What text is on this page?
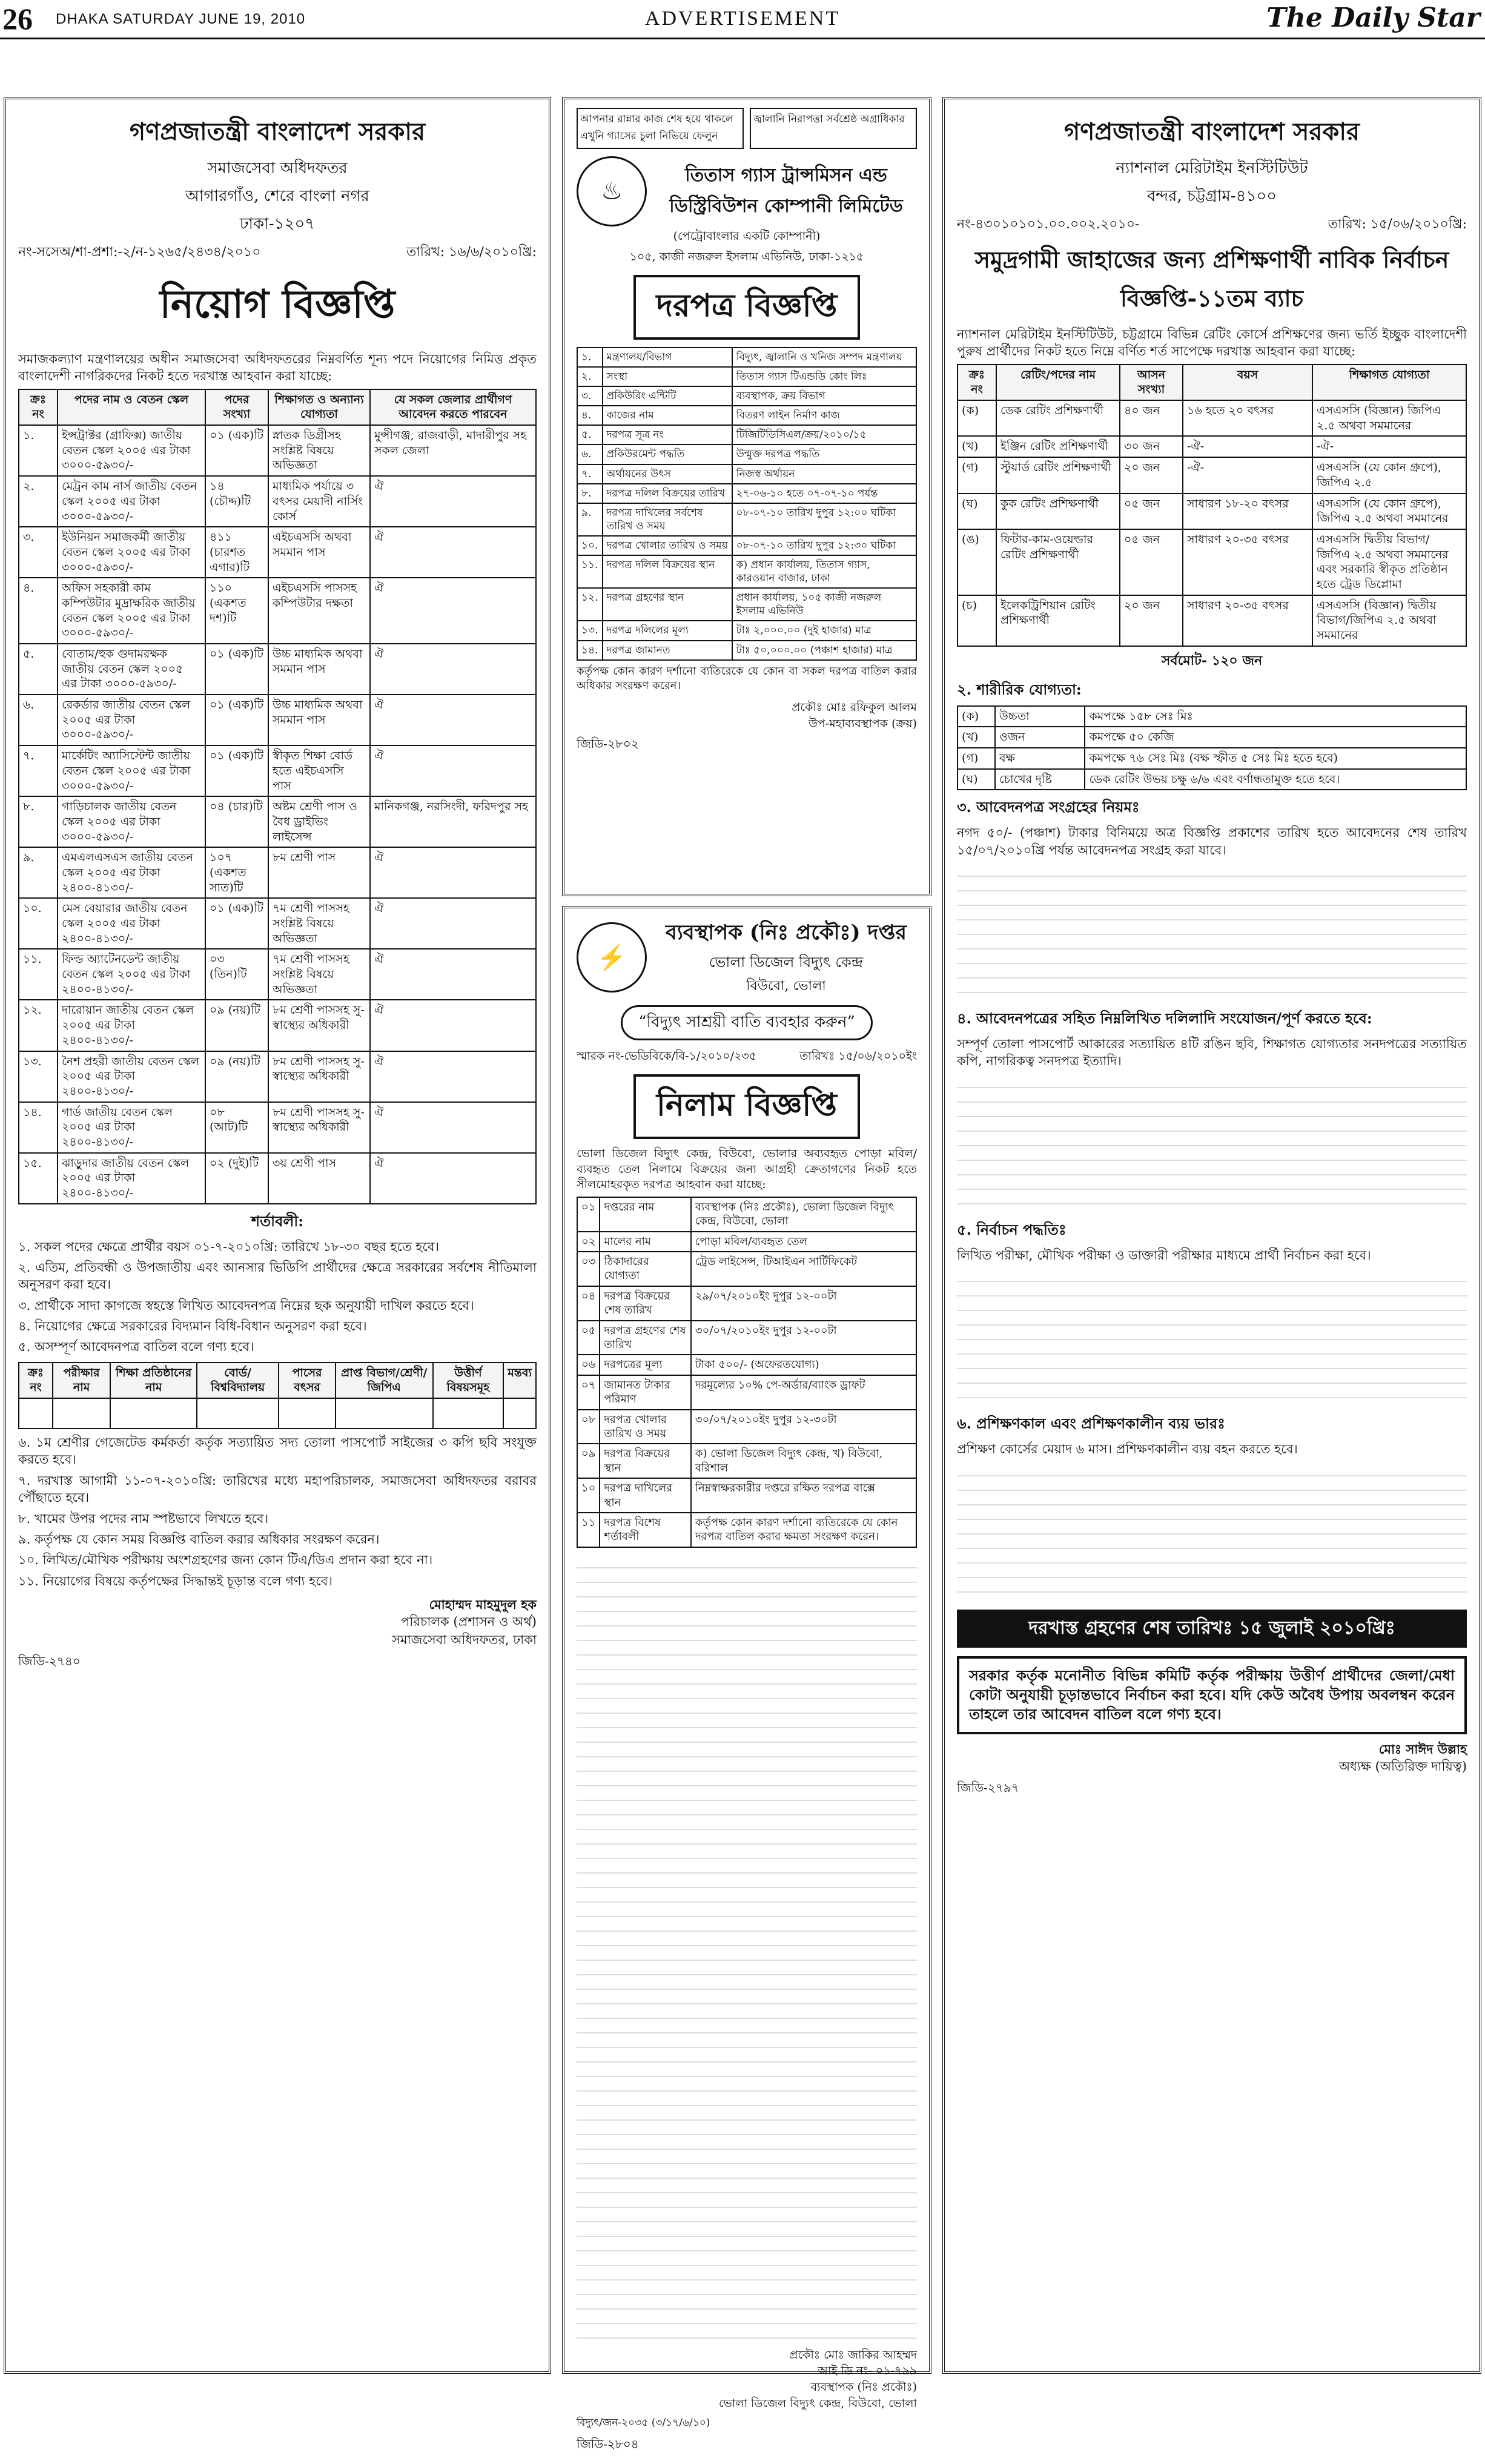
26 DHAKA SATURDAY JUNE 19, 2010	ADVERTISEMENT	The Daily Star
গণপ্রজাতন্ত্রী বাংলাদেশ সরকার
সমাজসেবা অধিদফতর
আগারগাঁও, শেরে বাংলা নগর
ঢাকা-১২০৭
নং-সসেঅ/শা-প্রশা:-২/ন-১২৬৫/২৪৩৪/২০১০	তারিখ: ১৬/৬/২০১০খ্রি:
নিয়োগ বিজ্ঞপ্তি
সমাজকল্যাণ মন্ত্রণালয়ের অধীন সমাজসেবা অধিদফতরের নিম্নবর্ণিত শূন্য পদে নিয়োগের নিমিত্ত প্রকৃত বাংলাদেশী নাগরিকদের নিকট হতে দরখাস্ত আহবান করা যাচ্ছে:
ক্রঃ নং	পদের নাম ও বেতন স্কেল	পদের সংখ্যা	শিক্ষাগত ও অন্যান্য যোগ্যতা	যে সকল জেলার প্রার্থীগণ আবেদন করতে পারবেন
১.	ইন্সট্রাক্টর (গ্রাফিক্স) জাতীয় বেতন স্কেল ২০০৫ এর টাকা ৩০০০-৫৯৩০/-	০১ (এক)টি	স্নাতক ডিগ্রীসহ সংশ্লিষ্ট বিষয়ে অভিজ্ঞতা	মুন্সীগঞ্জ, রাজবাড়ী, মাদারীপুর সহ সকল জেলা
২.	মেট্রন কাম নার্স জাতীয় বেতন স্কেল ২০০৫ এর টাকা ৩০০০-৫৯৩০/-	১৪ (চৌদ্দ)টি	মাধ্যমিক পর্যায়ে ৩ বৎসর মেয়াদী নার্সিং কোর্স	ঐ
৩.	ইউনিয়ন সমাজকর্মী জাতীয় বেতন স্কেল ২০০৫ এর টাকা ৩০০০-৫৯৩০/-	৪১১ (চারশত এগার)টি	এইচএসসি অথবা সমমান পাস	ঐ
৪.	অফিস সহকারী কাম কম্পিউটার মুদ্রাক্ষরিক জাতীয় বেতন স্কেল ২০০৫ এর টাকা ৩০০০-৫৯৩০/-	১১০ (একশত দশ)টি	এইচএসসি পাসসহ কম্পিউটার দক্ষতা	ঐ
৫.	বোতাম/হুক গুদামরক্ষক জাতীয় বেতন স্কেল ২০০৫ এর টাকা ৩০০০-৫৯৩০/-	০১ (এক)টি	উচ্চ মাধ্যমিক অথবা সমমান পাস	ঐ
৬.	রেকর্ডার জাতীয় বেতন স্কেল ২০০৫ এর টাকা ৩০০০-৫৯৩০/-	০১ (এক)টি	উচ্চ মাধ্যমিক অথবা সমমান পাস	ঐ
৭.	মার্কেটিং অ্যাসিস্টেন্ট জাতীয় বেতন স্কেল ২০০৫ এর টাকা ৩০০০-৫৯৩০/-	০১ (এক)টি	স্বীকৃত শিক্ষা বোর্ড হতে এইচএসসি পাস	ঐ
৮.	গাড়িচালক জাতীয় বেতন স্কেল ২০০৫ এর টাকা ৩০০০-৫৯৩০/-	০৪ (চার)টি	অষ্টম শ্রেণী পাস ও বৈধ ড্রাইভিং লাইসেন্স	মানিকগঞ্জ, নরসিংদী, ফরিদপুর সহ
৯.	এমএলএসএস জাতীয় বেতন স্কেল ২০০৫ এর টাকা ২৪০০-৪১৩০/-	১০৭ (একশত সাত)টি	৮ম শ্রেণী পাস	ঐ
১০.	মেস বেয়ারার জাতীয় বেতন স্কেল ২০০৫ এর টাকা ২৪০০-৪১৩০/-	০১ (এক)টি	৭ম শ্রেণী পাসসহ সংশ্লিষ্ট বিষয়ে অভিজ্ঞতা	ঐ
১১.	ফিল্ড অ্যাটেনডেন্ট জাতীয় বেতন স্কেল ২০০৫ এর টাকা ২৪০০-৪১৩০/-	০৩ (তিন)টি	৭ম শ্রেণী পাসসহ সংশ্লিষ্ট বিষয়ে অভিজ্ঞতা	ঐ
১২.	দারোয়ান জাতীয় বেতন স্কেল ২০০৫ এর টাকা ২৪০০-৪১৩০/-	০৯ (নয়)টি	৮ম শ্রেণী পাসসহ সু-স্বাস্থ্যের অধিকারী	ঐ
১৩.	নৈশ প্রহরী জাতীয় বেতন স্কেল ২০০৫ এর টাকা ২৪০০-৪১৩০/-	০৯ (নয়)টি	৮ম শ্রেণী পাসসহ সু-স্বাস্থ্যের অধিকারী	ঐ
১৪.	গার্ড জাতীয় বেতন স্কেল ২০০৫ এর টাকা ২৪০০-৪১৩০/-	০৮ (আট)টি	৮ম শ্রেণী পাসসহ সু-স্বাস্থ্যের অধিকারী	ঐ
১৫.	ঝাড়ুদার জাতীয় বেতন স্কেল ২০০৫ এর টাকা ২৪০০-৪১৩০/-	০২ (দুই)টি	৩য় শ্রেণী পাস	ঐ
শর্তাবলী:
১. সকল পদের ক্ষেত্রে প্রার্থীর বয়স ০১-৭-২০১০খ্রি: তারিখে ১৮-৩০ বছর হতে হবে।
২. এতিম, প্রতিবন্ধী ও উপজাতীয় এবং আনসার ভিডিপি প্রার্থীদের ক্ষেত্রে সরকারের সর্বশেষ নীতিমালা অনুসরণ করা হবে।
৩. প্রার্থীকে সাদা কাগজে স্বহস্তে লিখিত আবেদনপত্র নিম্নের ছক অনুযায়ী দাখিল করতে হবে।
৪. নিয়োগের ক্ষেত্রে সরকারের বিদ্যমান বিধি-বিধান অনুসরণ করা হবে।
৫. অসম্পূর্ণ আবেদনপত্র বাতিল বলে গণ্য হবে।
ক্রঃ নং	পরীক্ষার নাম	শিক্ষা প্রতিষ্ঠানের নাম	বোর্ড/ বিশ্ববিদ্যালয়	পাসের বৎসর	প্রাপ্ত বিভাগ/শ্রেণী/ জিপিএ	উত্তীর্ণ বিষয়সমূহ	মন্তব্য

৬. ১ম শ্রেণীর গেজেটেড কর্মকর্তা কর্তৃক সত্যায়িত সদ্য তোলা পাসপোর্ট সাইজের ৩ কপি ছবি সংযুক্ত করতে হবে।
৭. দরখাস্ত আগামী ১১-০৭-২০১০খ্রি: তারিখের মধ্যে মহাপরিচালক, সমাজসেবা অধিদফতর বরাবর পৌঁছাতে হবে।
৮. খামের উপর পদের নাম স্পষ্টভাবে লিখতে হবে।
৯. কর্তৃপক্ষ যে কোন সময় বিজ্ঞপ্তি বাতিল করার অধিকার সংরক্ষণ করেন।
১০. লিখিত/মৌখিক পরীক্ষায় অংশগ্রহণের জন্য কোন টিএ/ডিএ প্রদান করা হবে না।
১১. নিয়োগের বিষয়ে কর্তৃপক্ষের সিদ্ধান্তই চূড়ান্ত বলে গণ্য হবে।
মোহাম্মদ মাহমুদুল হক
পরিচালক (প্রশাসন ও অর্থ)
সমাজসেবা অধিদফতর, ঢাকা
জিডি-২৭৪০
আপনার রান্নার কাজ শেষ হয়ে থাকলে এখুনি গ্যাসের চুলা নিভিয়ে ফেলুন
জ্বালানি নিরাপত্তা সর্বশ্রেষ্ঠ অগ্রাধিকার
♨
তিতাস গ্যাস ট্রান্সমিসন এন্ড ডিস্ট্রিবিউশন কোম্পানী লিমিটেড
(পেট্রোবাংলার একটি কোম্পানী)
১০৫, কাজী নজরুল ইসলাম এভিনিউ, ঢাকা-১২১৫
দরপত্র বিজ্ঞপ্তি
১.	মন্ত্রণালয়/বিভাগ	বিদ্যুৎ, জ্বালানি ও খনিজ সম্পদ মন্ত্রণালয়
২.	সংস্থা	তিতাস গ্যাস টিএন্ডডি কোং লিঃ
৩.	প্রকিউরিং এন্টিটি	ব্যবস্থাপক, ক্রয় বিভাগ
৪.	কাজের নাম	বিতরণ লাইন নির্মাণ কাজ
৫.	দরপত্র সূত্র নং	টিজিটিডিসিএল/ক্রয়/২০১০/১৫
৬.	প্রকিউরমেন্ট পদ্ধতি	উন্মুক্ত দরপত্র পদ্ধতি
৭.	অর্থায়নের উৎস	নিজস্ব অর্থায়ন
৮.	দরপত্র দলিল বিক্রয়ের তারিখ	২৭-০৬-১০ হতে ০৭-০৭-১০ পর্যন্ত
৯.	দরপত্র দাখিলের সর্বশেষ তারিখ ও সময়	০৮-০৭-১০ তারিখ দুপুর ১২:০০ ঘটিকা
১০.	দরপত্র খোলার তারিখ ও সময়	০৮-০৭-১০ তারিখ দুপুর ১২:৩০ ঘটিকা
১১.	দরপত্র দলিল বিক্রয়ের স্থান	ক) প্রধান কার্যালয়, তিতাস গ্যাস, কারওয়ান বাজার, ঢাকা
১২.	দরপত্র গ্রহণের স্থান	প্রধান কার্যালয়, ১০৫ কাজী নজরুল ইসলাম এভিনিউ
১৩.	দরপত্র দলিলের মূল্য	টাঃ ২,০০০.০০ (দুই হাজার) মাত্র
১৪.	দরপত্র জামানত	টাঃ ৫০,০০০.০০ (পঞ্চাশ হাজার) মাত্র
কর্তৃপক্ষ কোন কারণ দর্শানো ব্যতিরেকে যে কোন বা সকল দরপত্র বাতিল করার অধিকার সংরক্ষণ করেন।
প্রকৌঃ মোঃ রফিকুল আলম
উপ-মহাব্যবস্থাপক (ক্রয়)
জিডি-২৮০২
⚡
ব্যবস্থাপক (নিঃ প্রকৌঃ) দপ্তর
ভোলা ডিজেল বিদ্যুৎ কেন্দ্র
বিউবো, ভোলা
“বিদ্যুৎ সাশ্রয়ী বাতি ব্যবহার করুন”
স্মারক নং-ভেডিবিকে/বি-১/২০১০/২৩৫	তারিখঃ ১৫/০৬/২০১০ইং
নিলাম বিজ্ঞপ্তি
ভোলা ডিজেল বিদ্যুৎ কেন্দ্র, বিউবো, ভোলার অব্যবহৃত পোড়া মবিল/ব্যবহৃত তেল নিলামে বিক্রয়ের জন্য আগ্রহী ক্রেতাগণের নিকট হতে সীলমোহরকৃত দরপত্র আহবান করা যাচ্ছে:
০১	দপ্তরের নাম	ব্যবস্থাপক (নিঃ প্রকৌঃ), ভোলা ডিজেল বিদ্যুৎ কেন্দ্র, বিউবো, ভোলা
০২	মালের নাম	পোড়া মবিল/ব্যবহৃত তেল
০৩	ঠিকাদারের যোগ্যতা	ট্রেড লাইসেন্স, টিআইএন সার্টিফিকেট
০৪	দরপত্র বিক্রয়ের শেষ তারিখ	২৯/০৭/২০১০ইং দুপুর ১২-০০টা
০৫	দরপত্র গ্রহণের শেষ তারিখ	৩০/০৭/২০১০ইং দুপুর ১২-০০টা
০৬	দরপত্রের মূল্য	টাকা ৫০০/- (অফেরতযোগ্য)
০৭	জামানত টাকার পরিমাণ	দরমূল্যের ১০% পে-অর্ডার/ব্যাংক ড্রাফট
০৮	দরপত্র খোলার তারিখ ও সময়	৩০/০৭/২০১০ইং দুপুর ১২-৩০টা
০৯	দরপত্র বিক্রয়ের স্থান	ক) ভোলা ডিজেল বিদ্যুৎ কেন্দ্র, খ) বিউবো, বরিশাল
১০	দরপত্র দাখিলের স্থান	নিম্নস্বাক্ষরকারীর দপ্তরে রক্ষিত দরপত্র বাক্সে
১১	দরপত্র বিশেষ শর্তাবলী	কর্তৃপক্ষ কোন কারণ দর্শানো ব্যতিরেকে যে কোন দরপত্র বাতিল করার ক্ষমতা সংরক্ষণ করেন।
প্রকৌঃ মোঃ জাকির আহম্মদ
আই ডি নং- ০১-৭৯৯
ব্যবস্থাপক (নিঃ প্রকৌঃ)
ভোলা ডিজেল বিদ্যুৎ কেন্দ্র, বিউবো, ভোলা
বিদ্যুৎ/জন-২০৩৫ (৩/১৭/৬/১০)
জিডি-২৮০৪
গণপ্রজাতন্ত্রী বাংলাদেশ সরকার
ন্যাশনাল মেরিটাইম ইনস্টিটিউট
বন্দর, চট্টগ্রাম-৪১০০
নং-৪৩০১০১০১.০০.০০২.২০১০-	তারিখ: ১৫/০৬/২০১০খ্রি:
সমুদ্রগামী জাহাজের জন্য প্রশিক্ষণার্থী নাবিক নির্বাচন বিজ্ঞপ্তি-১১তম ব্যাচ
ন্যাশনাল মেরিটাইম ইনস্টিটিউট, চট্টগ্রামে বিভিন্ন রেটিং কোর্সে প্রশিক্ষণের জন্য ভর্তি ইচ্ছুক বাংলাদেশী পুরুষ প্রার্থীদের নিকট হতে নিম্নে বর্ণিত শর্ত সাপেক্ষে দরখাস্ত আহবান করা যাচ্ছে:
ক্রঃ নং	রেটিং/পদের নাম	আসন সংখ্যা	বয়স	শিক্ষাগত যোগ্যতা
(ক)	ডেক রেটিং প্রশিক্ষণার্থী	৪০ জন	১৬ হতে ২০ বৎসর	এসএসসি (বিজ্ঞান) জিপিএ ২.৫ অথবা সমমানের
(খ)	ইঞ্জিন রেটিং প্রশিক্ষণার্থী	৩০ জন	-ঐ-	-ঐ-
(গ)	স্টুয়ার্ড রেটিং প্রশিক্ষণার্থী	২০ জন	-ঐ-	এসএসসি (যে কোন গ্রুপে), জিপিএ ২.৫
(ঘ)	কুক রেটিং প্রশিক্ষণার্থী	০৫ জন	সাধারণ ১৮-২০ বৎসর	এসএসসি (যে কোন গ্রুপে), জিপিএ ২.৫ অথবা সমমানের
(ঙ)	ফিটার-কাম-ওয়েল্ডার রেটিং প্রশিক্ষণার্থী	০৫ জন	সাধারণ ২০-৩৫ বৎসর	এসএসসি দ্বিতীয় বিভাগ/জিপিএ ২.৫ অথবা সমমানের এবং সরকারি স্বীকৃত প্রতিষ্ঠান হতে ট্রেড ডিপ্লোমা
(চ)	ইলেকট্রিশিয়ান রেটিং প্রশিক্ষণার্থী	২০ জন	সাধারণ ২০-৩৫ বৎসর	এসএসসি (বিজ্ঞান) দ্বিতীয় বিভাগ/জিপিএ ২.৫ অথবা সমমানের
সর্বমোট- ১২০ জন
২. শারীরিক যোগ্যতা:
(ক)	উচ্চতা	কমপক্ষে ১৫৮ সেঃ মিঃ
(খ)	ওজন	কমপক্ষে ৫০ কেজি
(গ)	বক্ষ	কমপক্ষে ৭৬ সেঃ মিঃ (বক্ষ স্ফীত ৫ সেঃ মিঃ হতে হবে)
(ঘ)	চোখের দৃষ্টি	ডেক রেটিং উভয় চক্ষু ৬/৬ এবং বর্ণান্ধতামুক্ত হতে হবে।
৩. আবেদনপত্র সংগ্রহের নিয়মঃ
নগদ ৫০/- (পঞ্চাশ) টাকার বিনিময়ে অত্র বিজ্ঞপ্তি প্রকাশের তারিখ হতে আবেদনের শেষ তারিখ ১৫/০৭/২০১০খ্রি পর্যন্ত আবেদনপত্র সংগ্রহ করা যাবে।
৪. আবেদনপত্রের সহিত নিম্নলিখিত দলিলাদি সংযোজন/পূর্ণ করতে হবে:
সম্পূর্ণ তোলা পাসপোর্ট আকারের সত্যায়িত ৪টি রঙিন ছবি, শিক্ষাগত যোগ্যতার সনদপত্রের সত্যায়িত কপি, নাগরিকত্ব সনদপত্র ইত্যাদি।
৫. নির্বাচন পদ্ধতিঃ
লিখিত পরীক্ষা, মৌখিক পরীক্ষা ও ডাক্তারী পরীক্ষার মাধ্যমে প্রার্থী নির্বাচন করা হবে।
৬. প্রশিক্ষণকাল এবং প্রশিক্ষণকালীন ব্যয় ভারঃ
প্রশিক্ষণ কোর্সের মেয়াদ ৬ মাস। প্রশিক্ষণকালীন ব্যয় বহন করতে হবে।
দরখাস্ত গ্রহণের শেষ তারিখঃ ১৫ জুলাই ২০১০খ্রিঃ
সরকার কর্তৃক মনোনীত বিভিন্ন কমিটি কর্তৃক পরীক্ষায় উত্তীর্ণ প্রার্থীদের জেলা/মেধা কোটা অনুযায়ী চূড়ান্তভাবে নির্বাচন করা হবে। যদি কেউ অবৈধ উপায় অবলম্বন করেন তাহলে তার আবেদন বাতিল বলে গণ্য হবে।
মোঃ সাঈদ উল্লাহ
অধ্যক্ষ (অতিরিক্ত দায়িত্ব)
জিডি-২৭৯৭
